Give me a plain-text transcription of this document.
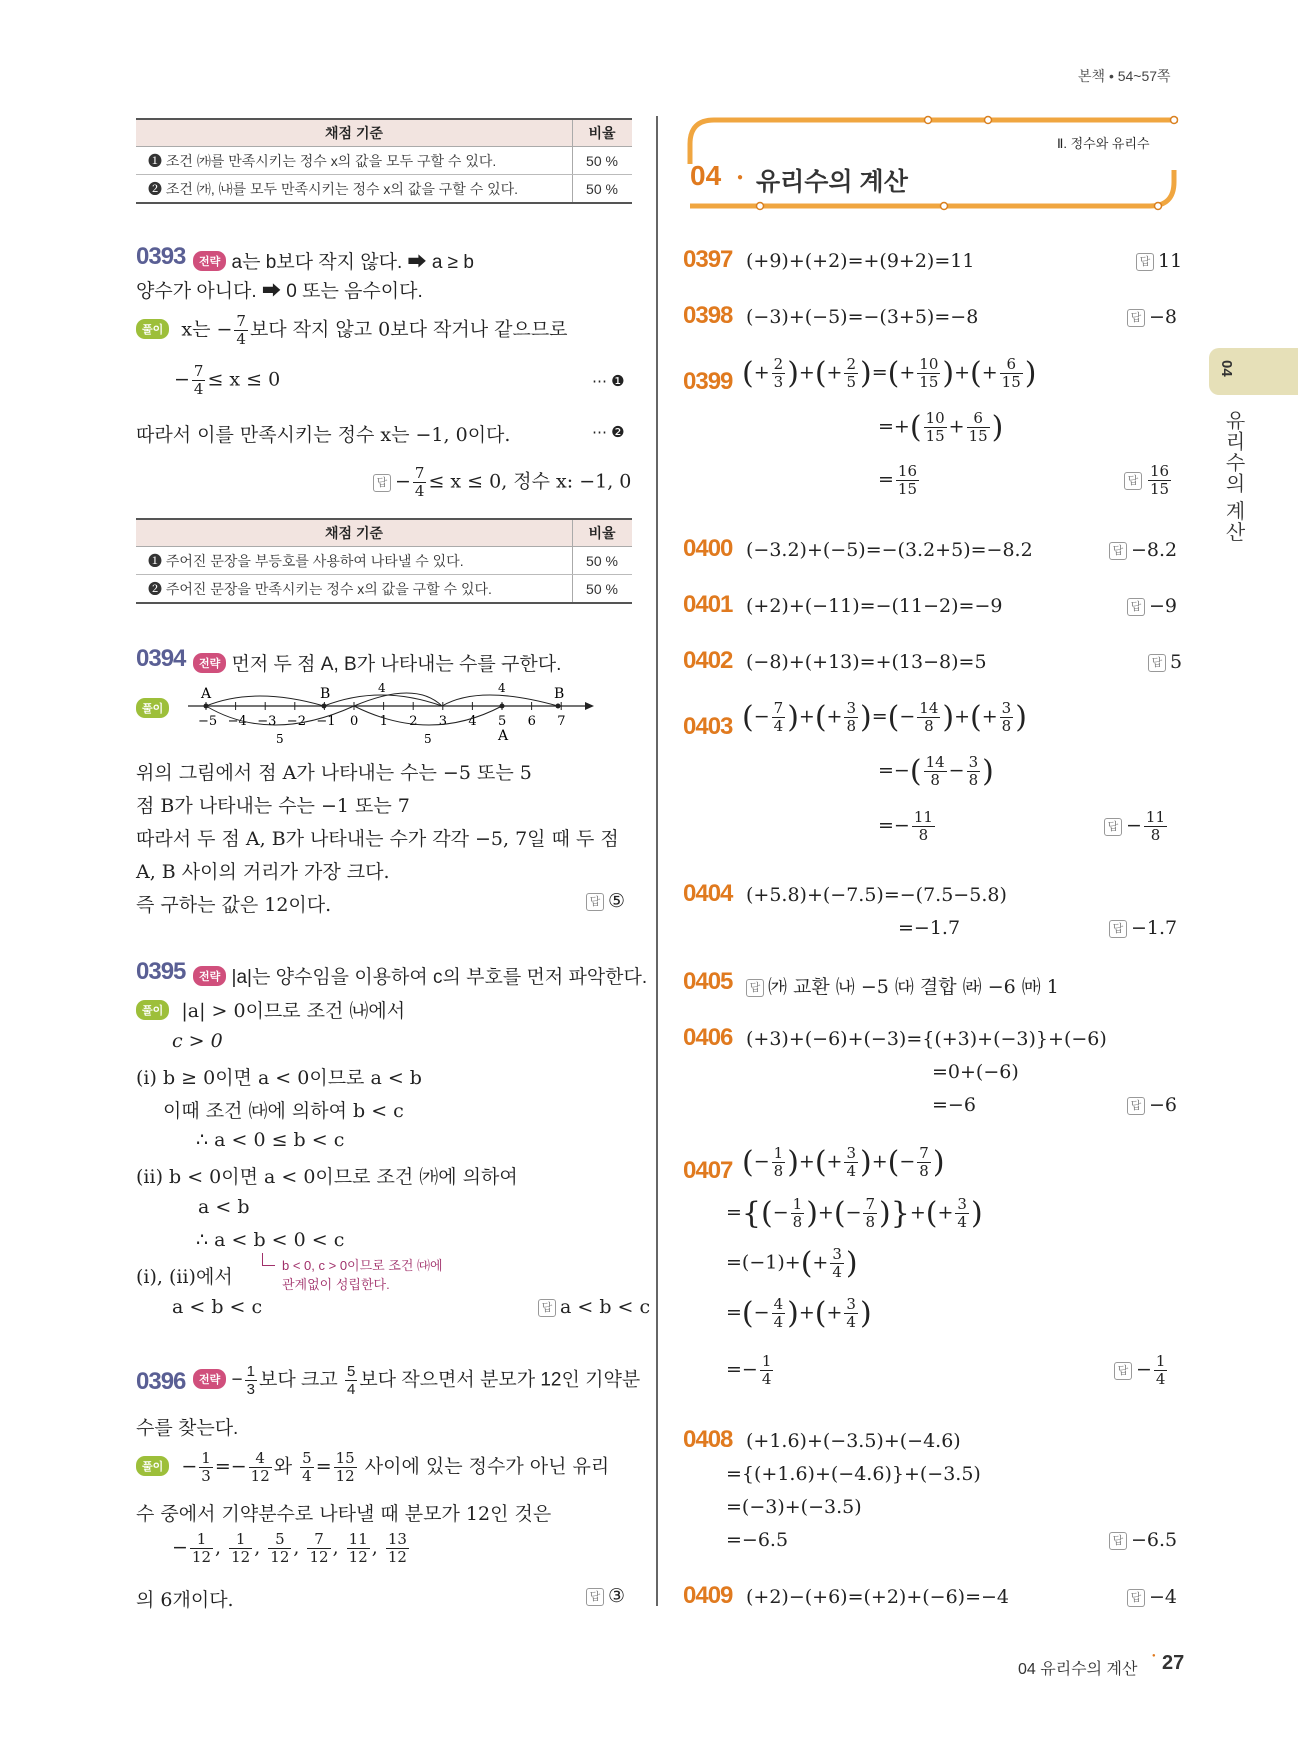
본책 • 54~57쪽
채점 기준	비율
❶ 조건 ㈎를 만족시키는 정수 x의 값을 모두 구할 수 있다.	50 %
❷ 조건 ㈎, ㈏를 모두 만족시키는 정수 x의 값을 구할 수 있다.	50 %
0393	전략 a는 b보다 작지 않다. ➡ a ≥ b
양수가 아니다. ➡ 0 또는 음수이다.
풀이 x는 − $\frac{7}{4}$ 보다 작지 않고 0보다 작거나 같으므로
− $\frac{7}{4} \le x \le 0$	⋯ ❶
따라서 이를 만족시키는 정수 x는 −1, 0이다.	⋯ ❷
답 − $\frac{7}{4} \le x \le 0$, 정수 x: −1, 0
채점 기준	비율
❶ 주어진 문장을 부등호를 사용하여 나타낼 수 있다.	50 %
❷ 주어진 문장을 만족시키는 정수 x의 값을 구할 수 있다.	50 %
0394	전략 먼저 두 점 A, B가 나타내는 수를 구한다.
풀이
−5 −4 −3 −2 −1 0 1 2 3 4 5 6 7
A	B	B
A
4	4
5	5
위의 그림에서 점 A가 나타내는 수는 −5 또는 5
점 B가 나타내는 수는 −1 또는 7
따라서 두 점 A, B가 나타내는 수가 각각 −5, 7일 때 두 점
A, B 사이의 거리가 가장 크다.
즉 구하는 값은 12이다.	답 ⑤
0395	전략 |a|는 양수임을 이용하여 c의 부호를 먼저 파악한다.
풀이 |a| > 0이므로 조건 ㈏에서
c > 0
(ⅰ) b ≥ 0이면 a < 0이므로 a < b
이때 조건 ㈐에 의하여 b < c
∴ a < 0 ≤ b < c
(ⅱ) b < 0이면 a < 0이므로 조건 ㈎에 의하여
a < b
∴ a < b < 0 < c
b < 0, c > 0이므로 조건 ㈐에
관계없이 성립한다.
(ⅰ), (ⅱ)에서
a < b < c	답 a < b < c
0396	전략 − $\frac{1}{3}$ 보다 크고 $\frac{5}{4}$ 보다 작으면서 분모가 12인 기약분
수를 찾는다.
풀이  − $\frac{1}{3} =- \frac{4}{12}$ 와 $\frac{5}{4} = \frac{15}{12}$ 사이에 있는 정수가 아닌 유리
수 중에서 기약분수로 나타낼 때 분모가 12인 것은
− $\frac{1}{12}$ , $\frac{1}{12}$ , $\frac{5}{12}$ , $\frac{7}{12}$ , $\frac{11}{12}$ , $\frac{13}{12}$
의 6개이다.	답 ③
Ⅱ. 정수와 유리수
04 ● 유리수의 계산
0397 (+9)+(+2)=+(9+2)=11	답 11
0398 (−3)+(−5)=−(3+5)=−8	답 −8
0399 (+ $\frac{2}{3}$ )+(+ $\frac{2}{5}$ )=(+ $\frac{10}{15}$ )+(+ $\frac{6}{15}$ )
=+( $\frac{10}{15} + \frac{6}{15}$ )
= $\frac{16}{15}$	답 $\frac{16}{15}$
0400 (−3.2)+(−5)=−(3.2+5)=−8.2	답 −8.2
0401 (+2)+(−11)=−(11−2)=−9	답 −9
0402 (−8)+(+13)=+(13−8)=5	답 5
0403 (− $\frac{7}{4}$ )+(+ $\frac{3}{8}$ )=(− $\frac{14}{8}$ )+(+ $\frac{3}{8}$ )
=−( $\frac{14}{8} - \frac{3}{8}$ )
=− $\frac{11}{8}$	답 − $\frac{11}{8}$
0404 (+5.8)+(−7.5)=−(7.5−5.8)
=−1.7	답 −1.7
0405	답 ㈎ 교환 ㈏ −5 ㈐ 결합 ㈑ −6 ㈒ 1
0406 (+3)+(−6)+(−3)={(+3)+(−3)}+(−6)
=0+(−6)
=−6	답 −6
0407 (− $\frac{1}{8}$ )+(+ $\frac{3}{4}$ )+(− $\frac{7}{8}$ )
={(− $\frac{1}{8}$ )+(− $\frac{7}{8}$ )}+(+ $\frac{3}{4}$ )
$=(-1)+(+ \frac{3}{4}$ )
=(− $\frac{4}{4}$ )+(+ $\frac{3}{4}$ )
=− $\frac{1}{4}$	답 − $\frac{1}{4}$
0408 (+1.6)+(−3.5)+(−4.6)
={(+1.6)+(−4.6)}+(−3.5)
=(−3)+(−3.5)
=−6.5	답 −6.5
0409 (+2)−(+6)=(+2)+(−6)=−4	답 −4
04
유리수의 계산
04 유리수의 계산
● 27
